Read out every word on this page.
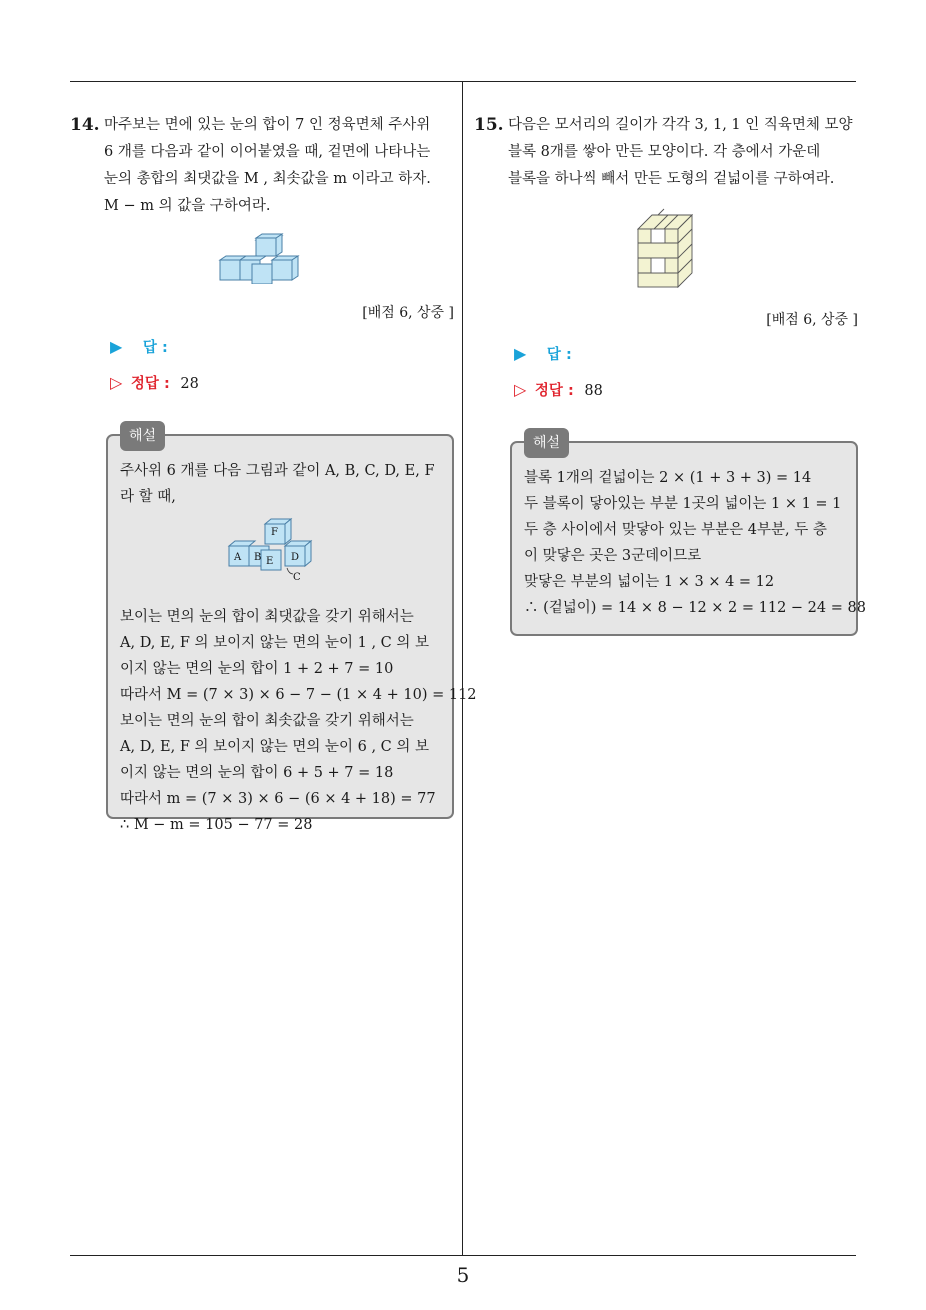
14. 마주보는 면에 있는 눈의 합이 7 인 정육면체 주사위
6 개를 다음과 같이 이어붙였을 때, 겉면에 나타나는
눈의 총합의 최댓값을 M , 최솟값을 m 이라고 하자.
M − m 의 값을 구하여라.
[배점 6, 상중 ]
▶ 답 :
▷ 정답 : 28
해설
주사위 6 개를 다음 그림과 같이 A, B, C, D, E, F
라 할 때,
A B
F
E D
C
보이는 면의 눈의 합이 최댓값을 갖기 위해서는
A, D, E, F 의 보이지 않는 면의 눈이 1 , C 의 보
이지 않는 면의 눈의 합이 1 + 2 + 7 = 10
따라서 M = (7 × 3) × 6 − 7 − (1 × 4 + 10) = 112
보이는 면의 눈의 합이 최솟값을 갖기 위해서는
A, D, E, F 의 보이지 않는 면의 눈이 6 , C 의 보
이지 않는 면의 눈의 합이 6 + 5 + 7 = 18
따라서 m = (7 × 3) × 6 − (6 × 4 + 18) = 77
∴ M − m = 105 − 77 = 28
15. 다음은 모서리의 길이가 각각 3, 1, 1 인 직육면체 모양
블록 8개를 쌓아 만든 모양이다. 각 층에서 가운데
블록을 하나씩 빼서 만든 도형의 겉넓이를 구하여라.
[배점 6, 상중 ]
▶ 답 :
▷ 정답 : 88
해설
블록 1개의 겉넓이는 2 × (1 + 3 + 3) = 14
두 블록이 닿아있는 부분 1곳의 넓이는 1 × 1 = 1
두 층 사이에서 맞닿아 있는 부분은 4부분, 두 층
이 맞닿은 곳은 3군데이므로
맞닿은 부분의 넓이는 1 × 3 × 4 = 12
∴ (겉넓이) = 14 × 8 − 12 × 2 = 112 − 24 = 88
5
